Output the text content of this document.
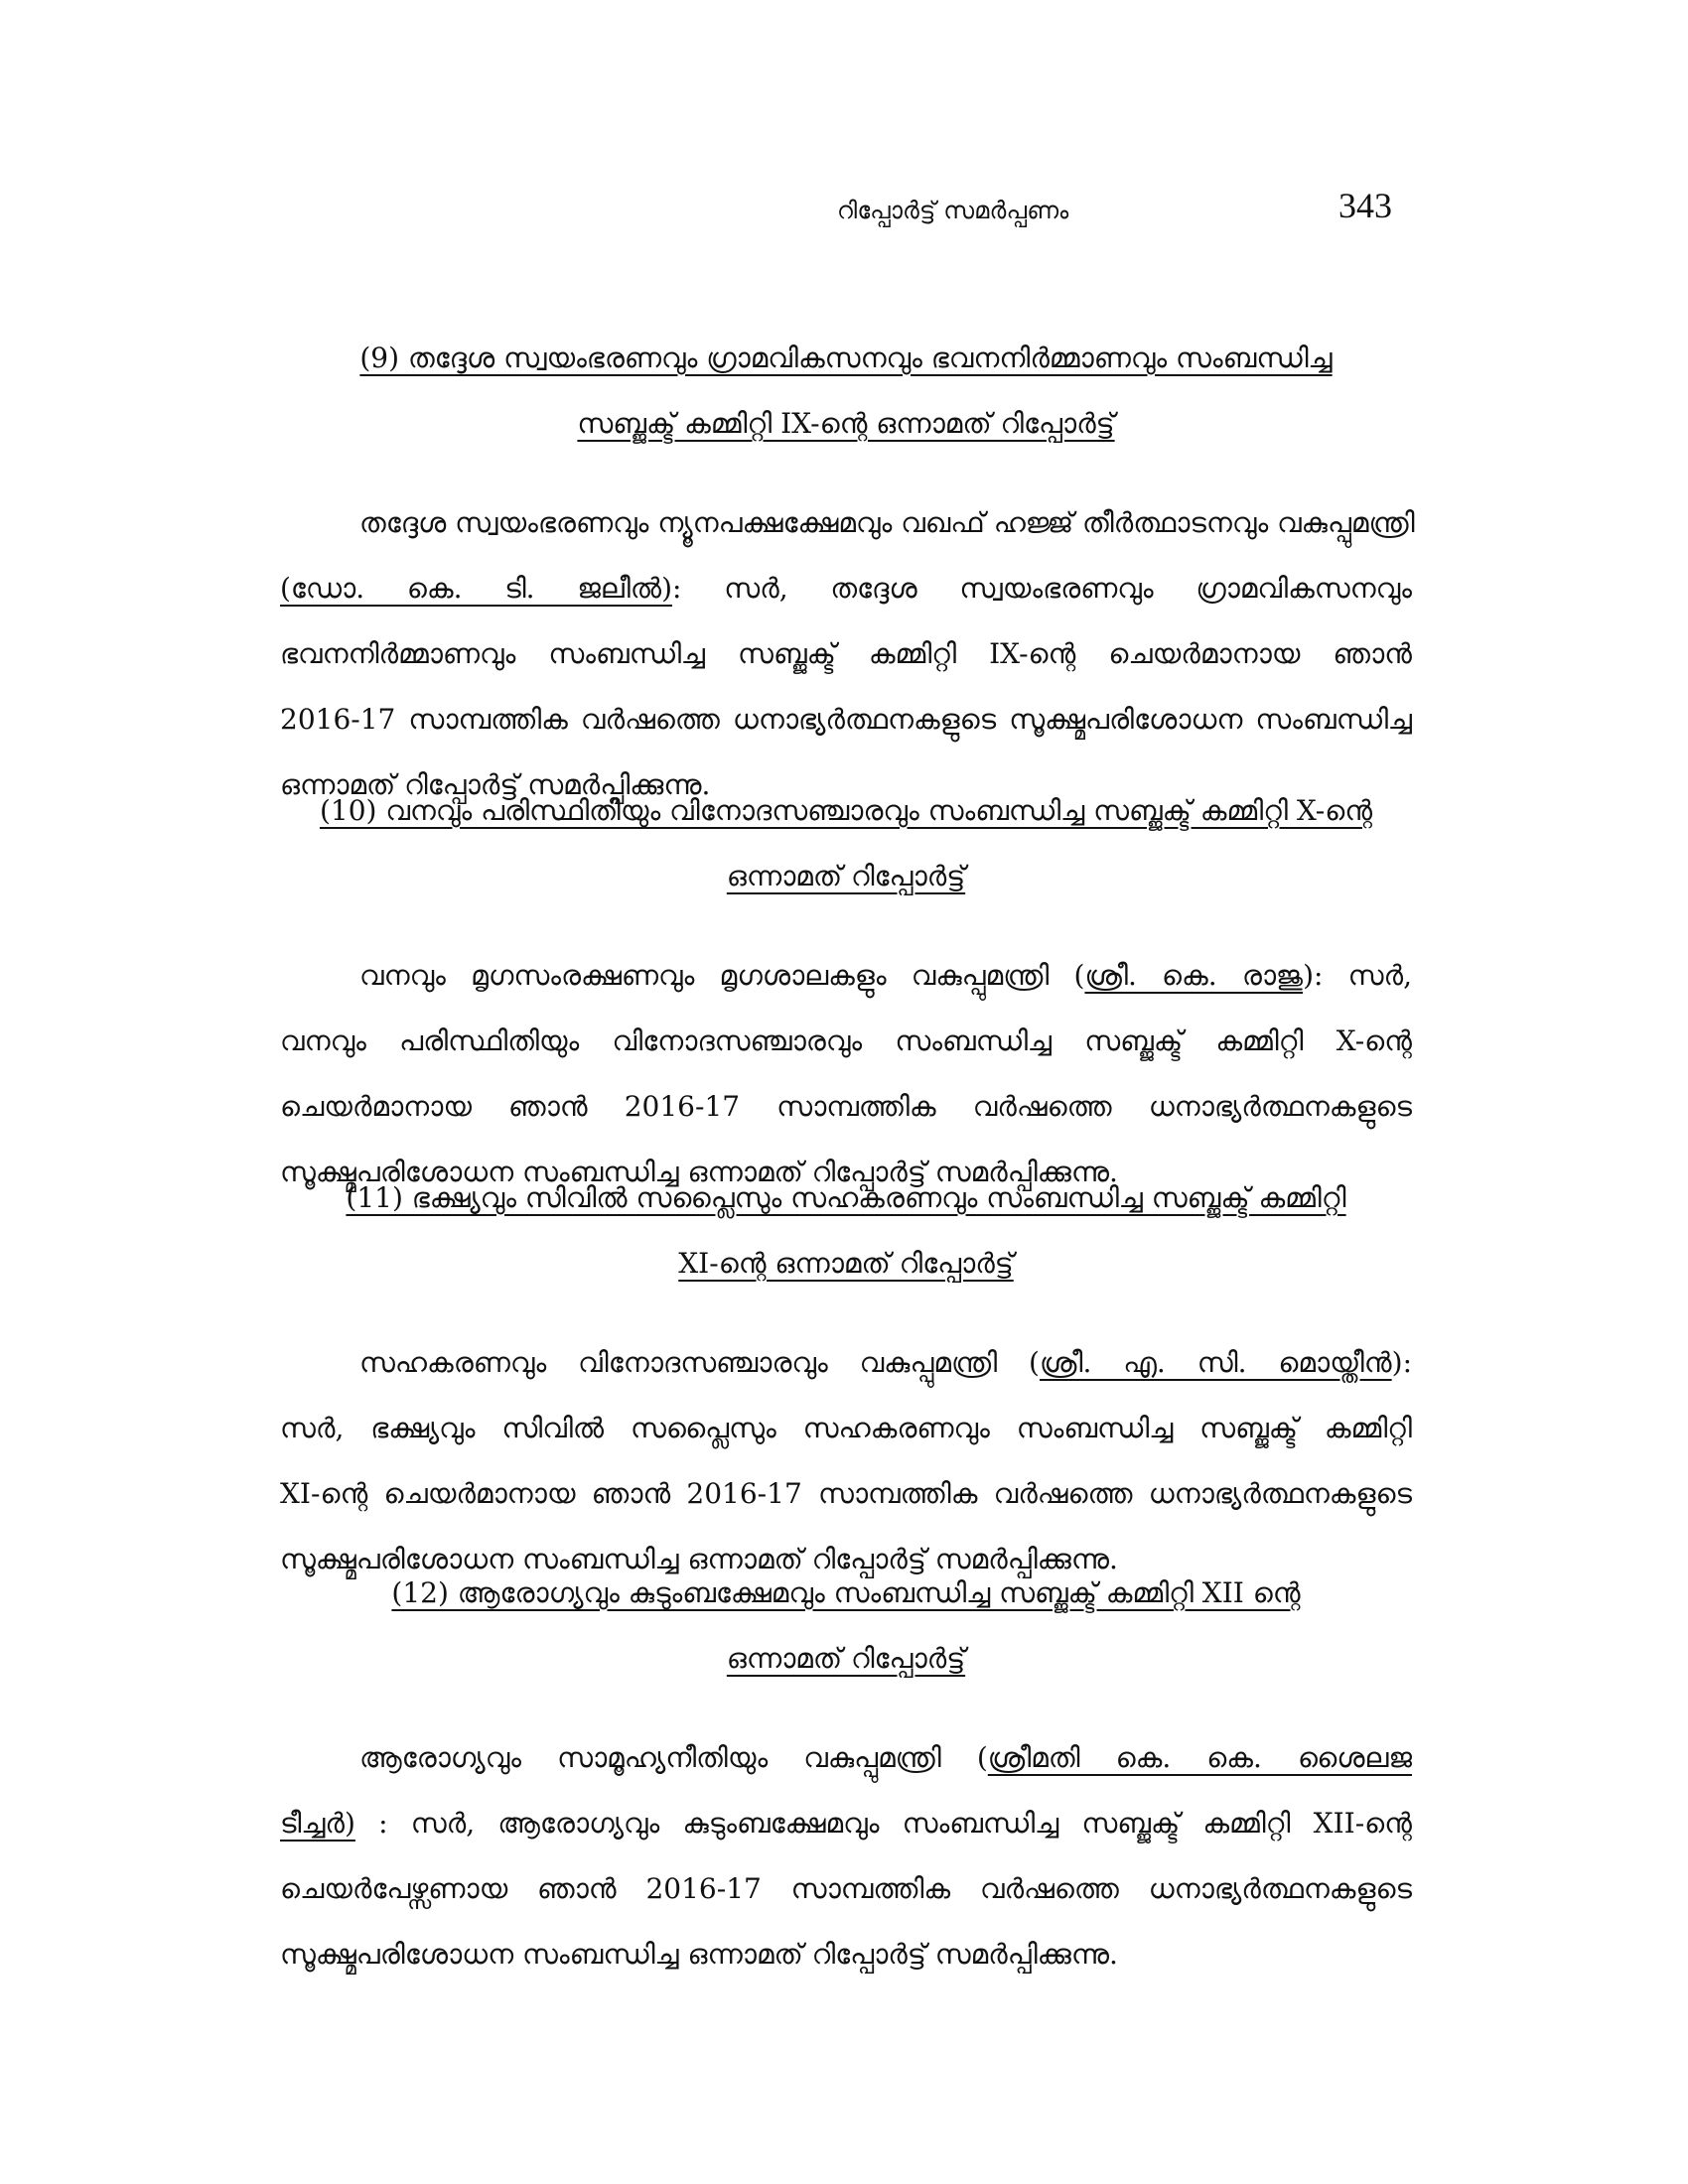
റിപ്പോർട്ട് സമർപ്പണം	343
(9) തദ്ദേശ സ്വയംഭരണവും ഗ്രാമവികസനവും ഭവനനിർമ്മാണവും സംബന്ധിച്ച
സബ്ജക്ട് കമ്മിറ്റി IX-ന്റെ ഒന്നാമത് റിപ്പോർട്ട്
തദ്ദേശ സ്വയംഭരണവും ന്യൂനപക്ഷക്ഷേമവും വഖഫ് ഹജ്ജ് തീർത്ഥാടനവും വകുപ്പുമന്ത്രി
(ഡോ. കെ. ടി. ജലീൽ): സർ, തദ്ദേശ സ്വയംഭരണവും ഗ്രാമവികസനവും
ഭവനനിർമ്മാണവും സംബന്ധിച്ച സബ്ജക്ട് കമ്മിറ്റി IX-ന്റെ ചെയർമാനായ ഞാൻ
2016-17 സാമ്പത്തിക വർഷത്തെ ധനാഭ്യർത്ഥനകളുടെ സൂക്ഷ്മപരിശോധന സംബന്ധിച്ച
ഒന്നാമത് റിപ്പോർട്ട് സമർപ്പിക്കുന്നു.
(10) വനവും പരിസ്ഥിതിയും വിനോദസഞ്ചാരവും സംബന്ധിച്ച സബ്ജക്ട് കമ്മിറ്റി X-ന്റെ
ഒന്നാമത് റിപ്പോർട്ട്
വനവും മൃഗസംരക്ഷണവും മൃഗശാലകളും വകുപ്പുമന്ത്രി (ശ്രീ. കെ. രാജു): സർ,
വനവും പരിസ്ഥിതിയും വിനോദസഞ്ചാരവും സംബന്ധിച്ച സബ്ജക്ട് കമ്മിറ്റി X-ന്റെ
ചെയർമാനായ ഞാൻ 2016-17 സാമ്പത്തിക വർഷത്തെ ധനാഭ്യർത്ഥനകളുടെ
സൂക്ഷ്മപരിശോധന സംബന്ധിച്ച ഒന്നാമത് റിപ്പോർട്ട് സമർപ്പിക്കുന്നു.
(11) ഭക്ഷ്യവും സിവിൽ സപ്ലൈസും സഹകരണവും സംബന്ധിച്ച സബ്ജക്ട് കമ്മിറ്റി
XI-ന്റെ ഒന്നാമത് റിപ്പോർട്ട്
സഹകരണവും വിനോദസഞ്ചാരവും വകുപ്പുമന്ത്രി (ശ്രീ. എ. സി. മൊയ്തീൻ):
സർ, ഭക്ഷ്യവും സിവിൽ സപ്ലൈസും സഹകരണവും സംബന്ധിച്ച സബ്ജക്ട് കമ്മിറ്റി
XI-ന്റെ ചെയർമാനായ ഞാൻ 2016-17 സാമ്പത്തിക വർഷത്തെ ധനാഭ്യർത്ഥനകളുടെ
സൂക്ഷ്മപരിശോധന സംബന്ധിച്ച ഒന്നാമത് റിപ്പോർട്ട് സമർപ്പിക്കുന്നു.
(12) ആരോഗ്യവും കുടുംബക്ഷേമവും സംബന്ധിച്ച സബ്ജക്ട് കമ്മിറ്റി XII ന്റെ
ഒന്നാമത് റിപ്പോർട്ട്
ആരോഗ്യവും സാമൂഹ്യനീതിയും വകുപ്പുമന്ത്രി (ശ്രീമതി കെ. കെ. ശൈലജ
ടീച്ചർ) : സർ, ആരോഗ്യവും കുടുംബക്ഷേമവും സംബന്ധിച്ച സബ്ജക്ട് കമ്മിറ്റി XII-ന്റെ
ചെയർപേഴ്സണായ ഞാൻ 2016-17 സാമ്പത്തിക വർഷത്തെ ധനാഭ്യർത്ഥനകളുടെ
സൂക്ഷ്മപരിശോധന സംബന്ധിച്ച ഒന്നാമത് റിപ്പോർട്ട് സമർപ്പിക്കുന്നു.
